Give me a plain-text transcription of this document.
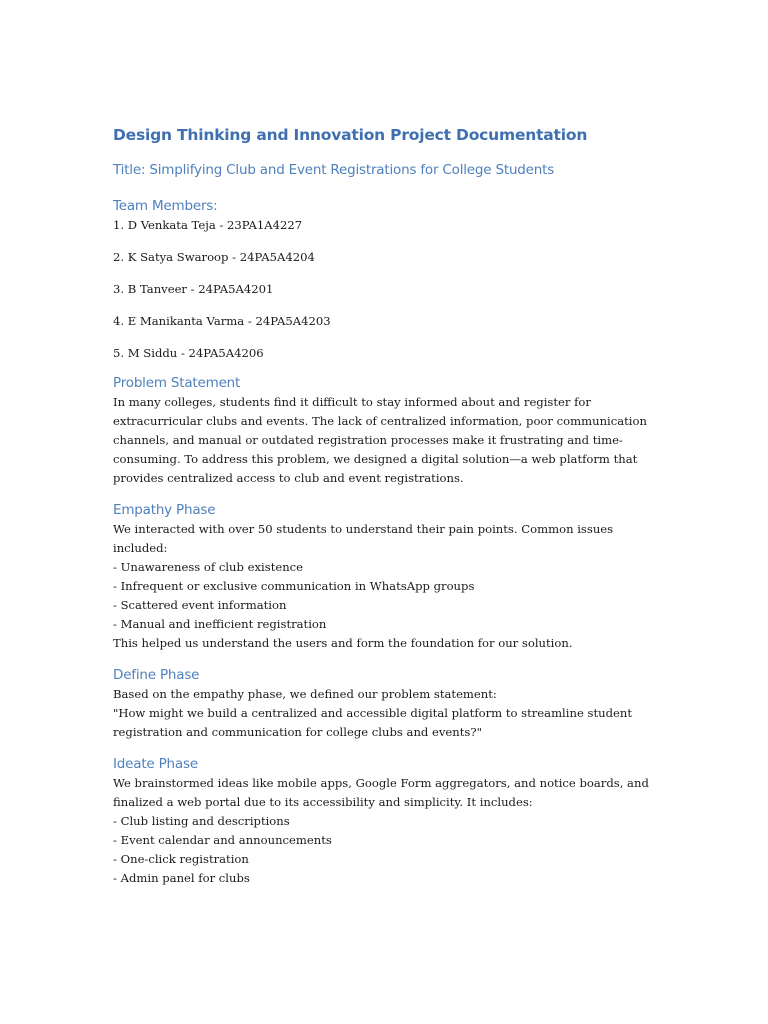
Design Thinking and Innovation Project Documentation
Title: Simplifying Club and Event Registrations for College Students
Team Members:

1. D Venkata Teja - 23PA1A4227

2. K Satya Swaroop - 24PA5A4204

3. B Tanveer - 24PA5A4201

4. E Manikanta Varma - 24PA5A4203

5. M Siddu - 24PA5A4206

Problem Statement

In many colleges, students find it difficult to stay informed about and register for extracurricular clubs and events. The lack of centralized information, poor communication channels, and manual or outdated registration processes make it frustrating and time-consuming. To address this problem, we designed a digital solution—a web platform that provides centralized access to club and event registrations.

Empathy Phase

We interacted with over 50 students to understand their pain points. Common issues included:

- Unawareness of club existence

- Infrequent or exclusive communication in WhatsApp groups

- Scattered event information

- Manual and inefficient registration

This helped us understand the users and form the foundation for our solution.

Define Phase

Based on the empathy phase, we defined our problem statement:

"How might we build a centralized and accessible digital platform to streamline student registration and communication for college clubs and events?"

Ideate Phase

We brainstormed ideas like mobile apps, Google Form aggregators, and notice boards, and finalized a web portal due to its accessibility and simplicity. It includes:

- Club listing and descriptions

- Event calendar and announcements

- One-click registration

- Admin panel for clubs
